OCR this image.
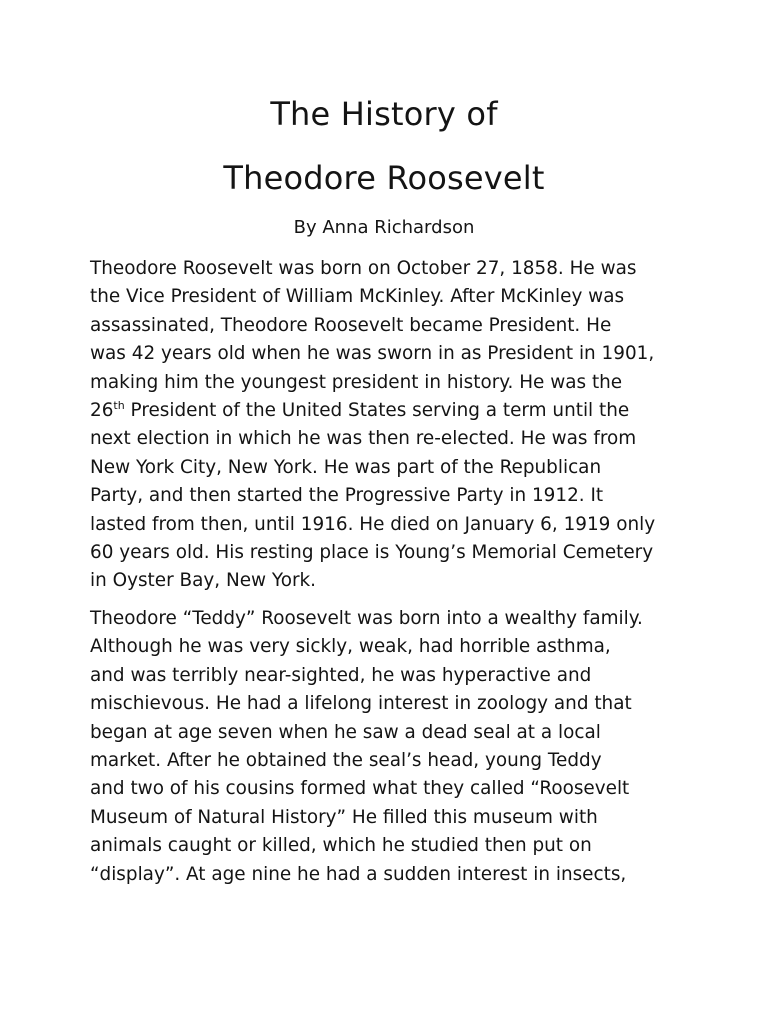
The History of
Theodore Roosevelt

By Anna Richardson

Theodore Roosevelt was born on October 27, 1858. He was
the Vice President of William McKinley. After McKinley was
assassinated, Theodore Roosevelt became President. He
was 42 years old when he was sworn in as President in 1901,
making him the youngest president in history. He was the
26th President of the United States serving a term until the
next election in which he was then re-elected. He was from
New York City, New York. He was part of the Republican
Party, and then started the Progressive Party in 1912. It
lasted from then, until 1916. He died on January 6, 1919 only
60 years old. His resting place is Young’s Memorial Cemetery
in Oyster Bay, New York.
Theodore “Teddy” Roosevelt was born into a wealthy family.
Although he was very sickly, weak, had horrible asthma,
and was terribly near-sighted, he was hyperactive and
mischievous. He had a lifelong interest in zoology and that
began at age seven when he saw a dead seal at a local
market. After he obtained the seal’s head, young Teddy
and two of his cousins formed what they called “Roosevelt
Museum of Natural History” He filled this museum with
animals caught or killed, which he studied then put on
“display”. At age nine he had a sudden interest in insects,
